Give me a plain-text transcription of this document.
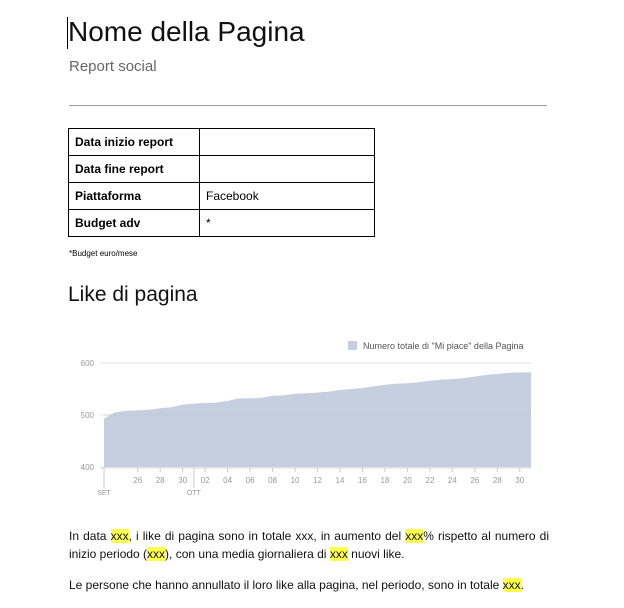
Nome della Pagina
Report social
Data inizio report	
Data fine report	
Piattaforma	Facebook
Budget adv	*
*Budget euro/mese
Like di pagina
400
500
600
26 28 30 02 04 06 08 10 12 14 16 18 20 22 24 26 28 30
SET	OTT
Numero totale di "Mi piace" della Pagina
In data xxx, i like di pagina sono in totale xxx, in aumento del xxx% rispetto al numero di inizio periodo (xxx), con una media giornaliera di xxx nuovi like.
Le persone che hanno annullato il loro like alla pagina, nel periodo, sono in totale xxx.
